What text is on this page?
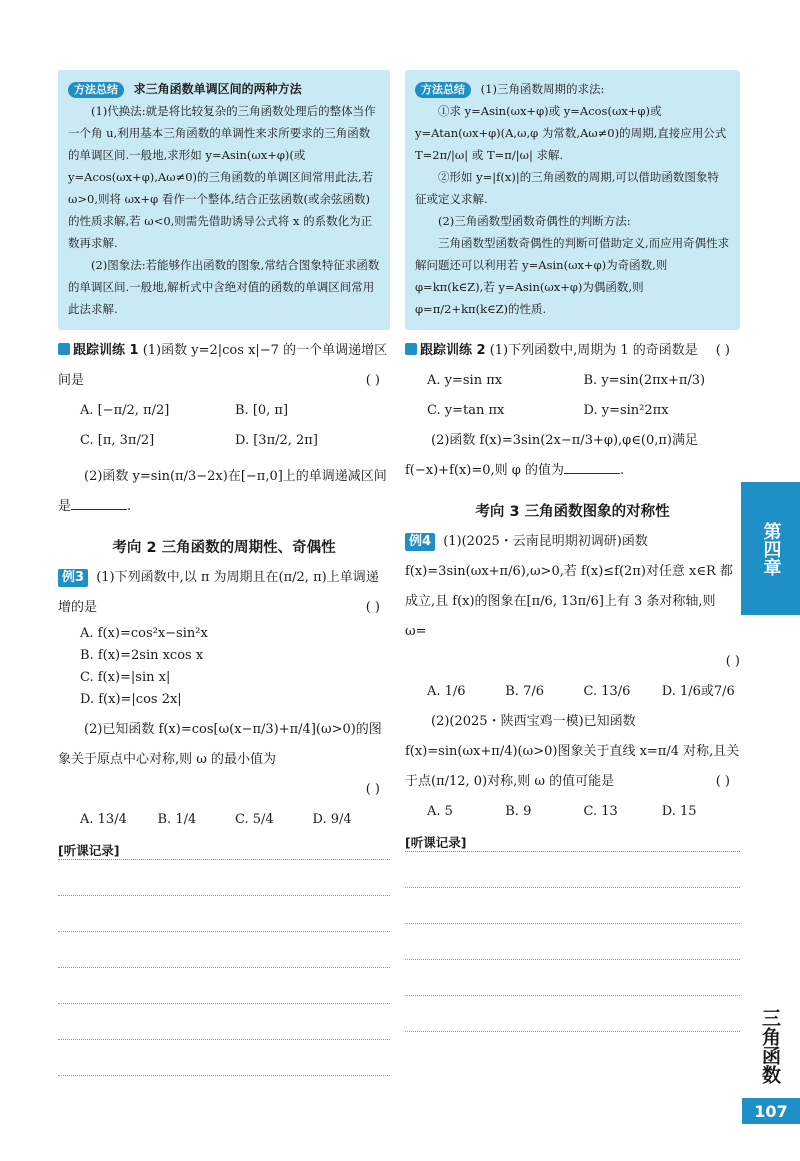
方法总结 求三角函数单调区间的两种方法

(1)代换法:就是将比较复杂的三角函数处理后的整体当作一个角 u,利用基本三角函数的单调性来求所要求的三角函数的单调区间.一般地,求形如 y=Asin(ωx+φ)(或 y=Acos(ωx+φ),Aω≠0)的三角函数的单调区间常用此法,若 ω>0,则将 ωx+φ 看作一个整体,结合正弦函数(或余弦函数)的性质求解,若 ω<0,则需先借助诱导公式将 x 的系数化为正数再求解.

(2)图象法:若能够作出函数的图象,常结合图象特征求函数的单调区间.一般地,解析式中含绝对值的函数的单调区间常用此法求解.

跟踪训练 1 (1)函数 y=2|cos x|−7 的一个单调递增区间是	( )

A. [−π/2, π/2]	B. [0, π]
C. [π, 3π/2]	D. [3π/2, 2π]

(2)函数 y=sin(π/3−2x)在[−π,0]上的单调递减区间是	.

考向 2 三角函数的周期性、奇偶性

例3 (1)下列函数中,以 π 为周期且在(π/2, π)上单调递增的是	( )

A. f(x)=cos²x−sin²x
B. f(x)=2sin xcos x
C. f(x)=|sin x|
D. f(x)=|cos 2x|

(2)已知函数 f(x)=cos[ω(x−π/3)+π/4](ω>0)的图象关于原点中心对称,则 ω 的最小值为

( )

A. 13/4	B. 1/4	C. 5/4	D. 9/4
[听课记录]
方法总结 (1)三角函数周期的求法:

①求 y=Asin(ωx+φ)或 y=Acos(ωx+φ)或 y=Atan(ωx+φ)(A,ω,φ 为常数,Aω≠0)的周期,直接应用公式 T=2π/|ω| 或 T=π/|ω| 求解.

②形如 y=|f(x)|的三角函数的周期,可以借助函数图象特征或定义求解.

(2)三角函数型函数奇偶性的判断方法:

三角函数型函数奇偶性的判断可借助定义,而应用奇偶性求解问题还可以利用若 y=Asin(ωx+φ)为奇函数,则 φ=kπ(k∈Z),若 y=Asin(ωx+φ)为偶函数,则 φ=π/2+kπ(k∈Z)的性质.

跟踪训练 2 (1)下列函数中,周期为 1 的奇函数是 ( )

A. y=sin πx	B. y=sin(2πx+π/3)
C. y=tan πx	D. y=sin²2πx

(2)函数 f(x)=3sin(2x−π/3+φ),φ∈(0,π)满足 f(−x)+f(x)=0,则 φ 的值为	.

考向 3 三角函数图象的对称性

例4 (1)(2025・云南昆明期初调研)函数 f(x)=3sin(ωx+π/6),ω>0,若 f(x)≤f(2π)对任意 x∈R 都成立,且 f(x)的图象在[π/6, 13π/6]上有 3 条对称轴,则 ω=

( )

A. 1/6	B. 7/6	C. 13/6	D. 1/6或7/6

(2)(2025・陕西宝鸡一模)已知函数 f(x)=sin(ωx+π/4)(ω>0)图象关于直线 x=π/4 对称,且关于点(π/12, 0)对称,则 ω 的值可能是	( )

A. 5	B. 9	C. 13	D. 15
[听课记录]
第四章
三角函数
107
